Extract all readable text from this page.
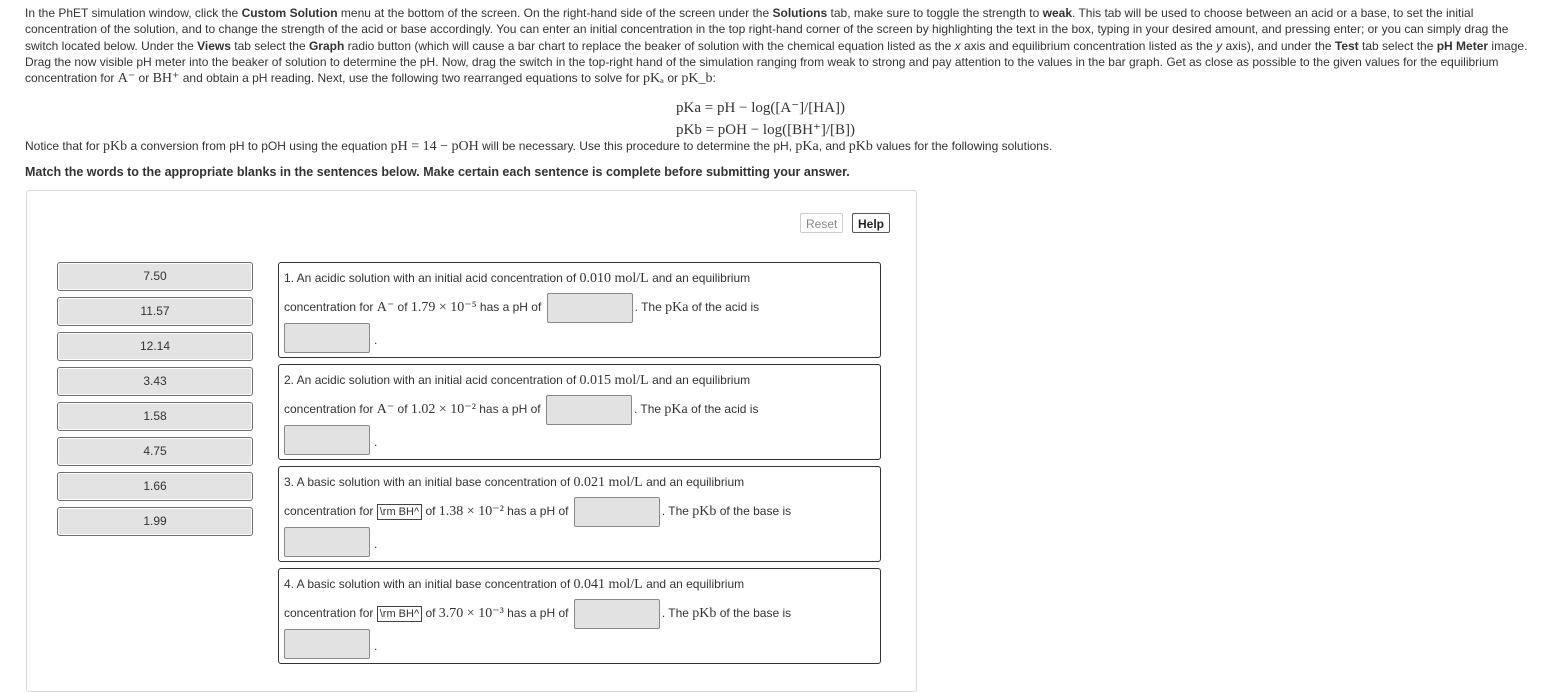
In the PhET simulation window, click the Custom Solution menu at the bottom of the screen. On the right-hand side of the screen under the Solutions tab, make sure to toggle the strength to weak. This tab will be used to choose between an acid or a base, to set the initial concentration of the solution, and to change the strength of the acid or base accordingly. You can enter an initial concentration in the top right-hand corner of the screen by highlighting the text in the box, typing in your desired amount, and pressing enter; or you can simply drag the switch located below. Under the Views tab select the Graph radio button (which will cause a bar chart to replace the beaker of solution with the chemical equation listed as the x axis and equilibrium concentration listed as the y axis), and under the Test tab select the pH Meter image. Drag the now visible pH meter into the beaker of solution to determine the pH. Now, drag the switch in the top-right hand of the simulation ranging from weak to strong and pay attention to the values in the bar graph. Get as close as possible to the given values for the equilibrium concentration for A⁻ or BH⁺ and obtain a pH reading. Next, use the following two rearranged equations to solve for pKₐ or pK_b:
pKa = pH − log([A⁻]/[HA])
pKb = pOH − log([BH⁺]/[B])
Notice that for pKb a conversion from pH to pOH using the equation pH = 14 − pOH will be necessary. Use this procedure to determine the pH, pKa, and pKb values for the following solutions.
Match the words to the appropriate blanks in the sentences below. Make certain each sentence is complete before submitting your answer.
Reset	Help
7.50
11.57
12.14
3.43
1.58
4.75
1.66
1.99
1. An acidic solution with an initial acid concentration of 0.010 mol/L and an equilibrium
concentration for A⁻ of 1.79 × 10⁻⁵ has a pH of	. The pKa of the acid is
.
2. An acidic solution with an initial acid concentration of 0.015 mol/L and an equilibrium
concentration for A⁻ of 1.02 × 10⁻² has a pH of	. The pKa of the acid is
.
3. A basic solution with an initial base concentration of 0.021 mol/L and an equilibrium
concentration for \rm BH^ of 1.38 × 10⁻² has a pH of	. The pKb of the base is
.
4. A basic solution with an initial base concentration of 0.041 mol/L and an equilibrium
concentration for \rm BH^ of 3.70 × 10⁻³ has a pH of	. The pKb of the base is
.
